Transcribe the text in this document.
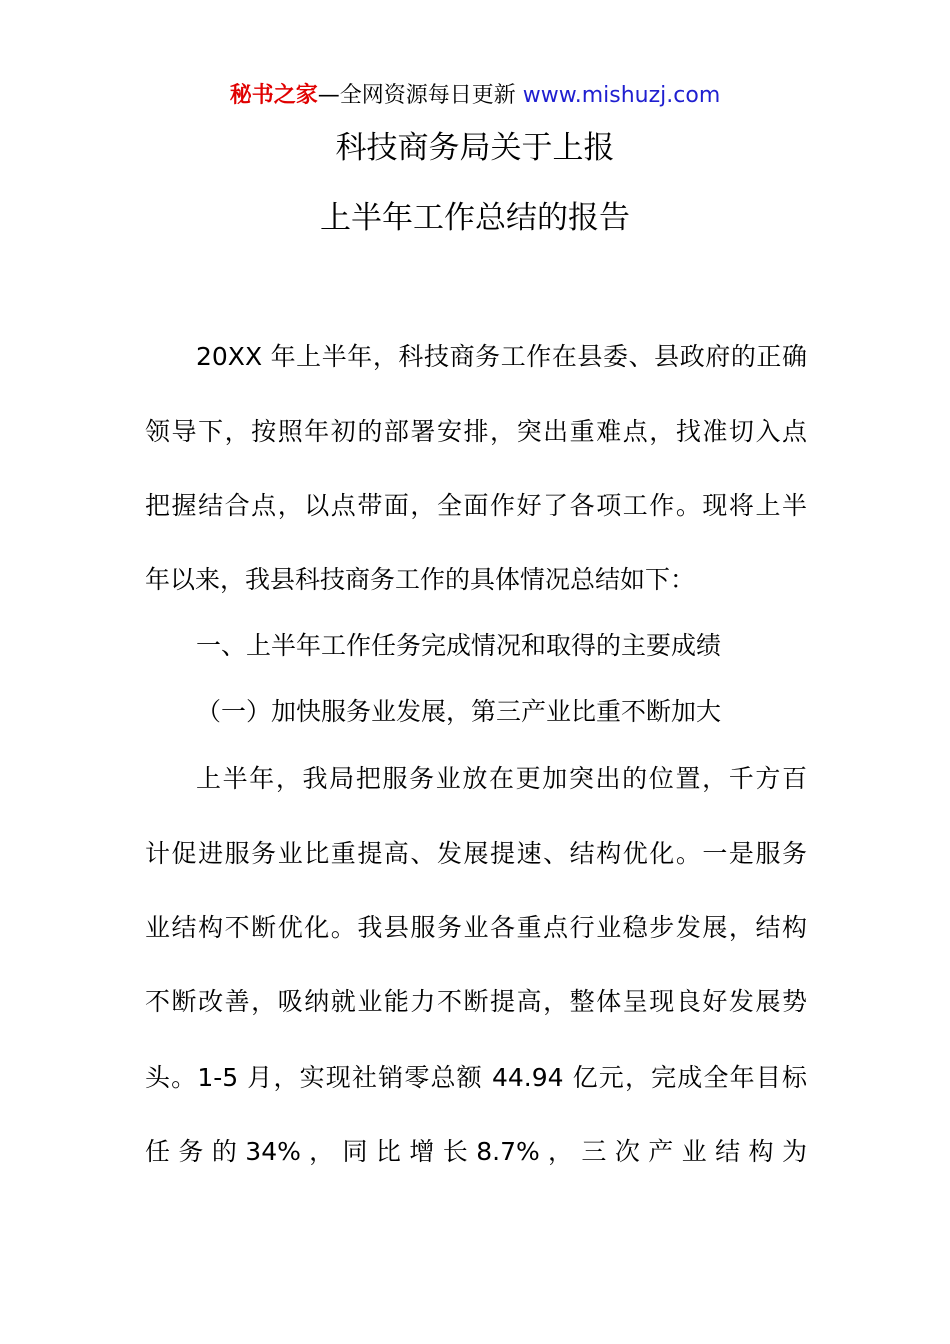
秘书之家—全网资源每日更新 www.mishuzj.com
科技商务局关于上报
上半年工作总结的报告
20XX 年上半年，科技商务工作在县委、县政府的正确
领导下，按照年初的部署安排，突出重难点，找准切入点
把握结合点，以点带面，全面作好了各项工作。现将上半
年以来，我县科技商务工作的具体情况总结如下：
一、上半年工作任务完成情况和取得的主要成绩
（一）加快服务业发展，第三产业比重不断加大
上半年，我局把服务业放在更加突出的位置，千方百
计促进服务业比重提高、发展提速、结构优化。一是服务
业结构不断优化。我县服务业各重点行业稳步发展，结构
不断改善，吸纳就业能力不断提高，整体呈现良好发展势
头。1-5 月，实现社销零总额 44.94 亿元，完成全年目标
任 务 的 34% ， 同 比 增 长 8.7% ， 三 次 产 业 结 构 为
